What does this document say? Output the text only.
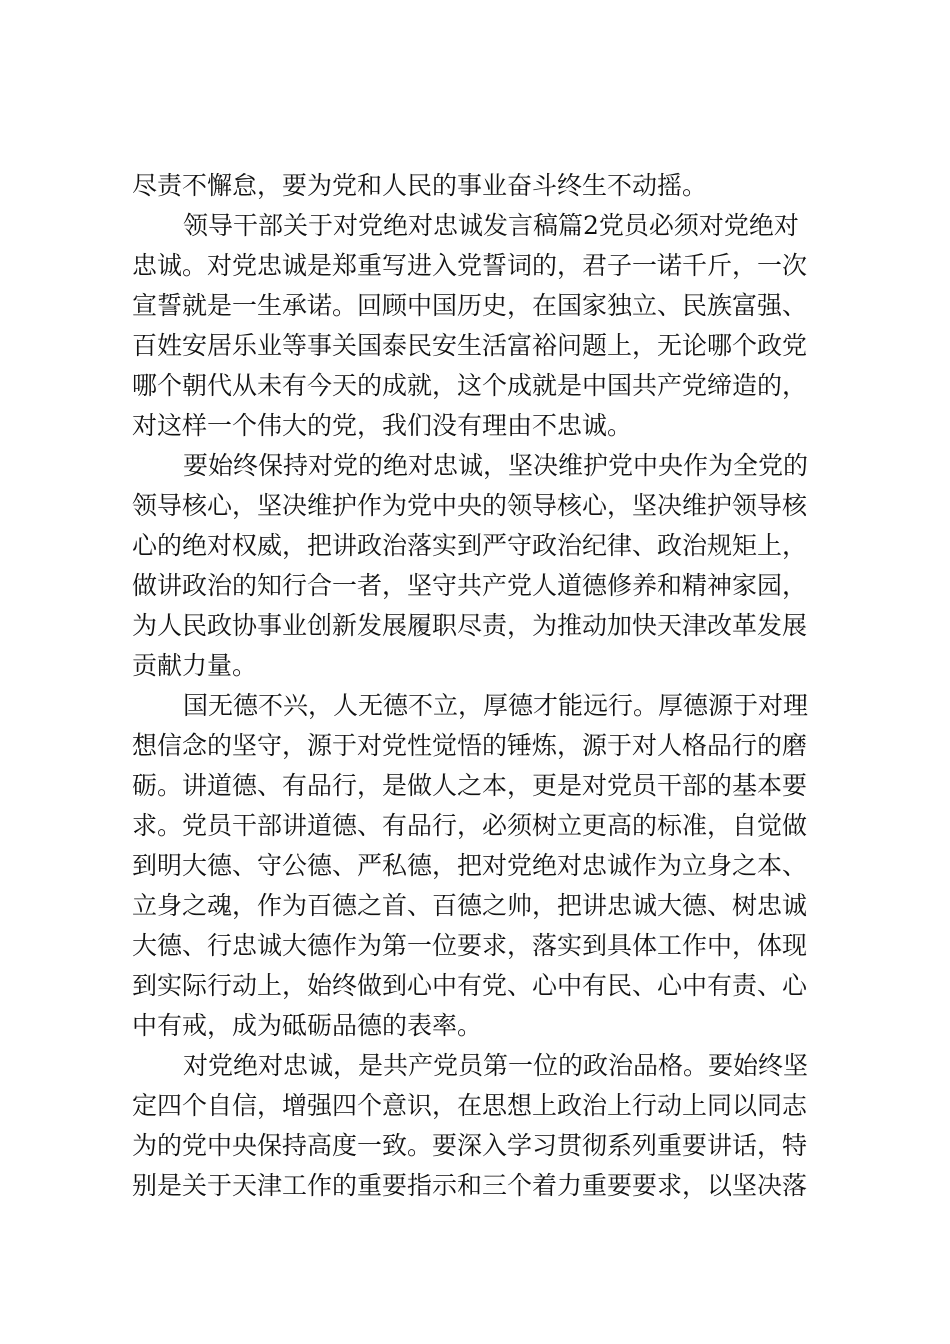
尽责不懈怠，要为党和人民的事业奋斗终生不动摇。
领导干部关于对党绝对忠诚发言稿篇2党员必须对党绝对
忠诚。对党忠诚是郑重写进入党誓词的，君子一诺千斤，一次
宣誓就是一生承诺。回顾中国历史，在国家独立、民族富强、
百姓安居乐业等事关国泰民安生活富裕问题上，无论哪个政党
哪个朝代从未有今天的成就，这个成就是中国共产党缔造的，
对这样一个伟大的党，我们没有理由不忠诚。
要始终保持对党的绝对忠诚，坚决维护党中央作为全党的
领导核心，坚决维护作为党中央的领导核心，坚决维护领导核
心的绝对权威，把讲政治落实到严守政治纪律、政治规矩上，
做讲政治的知行合一者，坚守共产党人道德修养和精神家园，
为人民政协事业创新发展履职尽责，为推动加快天津改革发展
贡献力量。
国无德不兴，人无德不立，厚德才能远行。厚德源于对理
想信念的坚守，源于对党性觉悟的锤炼，源于对人格品行的磨
砺。讲道德、有品行，是做人之本，更是对党员干部的基本要
求。党员干部讲道德、有品行，必须树立更高的标准，自觉做
到明大德、守公德、严私德，把对党绝对忠诚作为立身之本、
立身之魂，作为百德之首、百德之帅，把讲忠诚大德、树忠诚
大德、行忠诚大德作为第一位要求，落实到具体工作中，体现
到实际行动上，始终做到心中有党、心中有民、心中有责、心
中有戒，成为砥砺品德的表率。
对党绝对忠诚，是共产党员第一位的政治品格。要始终坚
定四个自信，增强四个意识，在思想上政治上行动上同以同志
为的党中央保持高度一致。要深入学习贯彻系列重要讲话，特
别是关于天津工作的重要指示和三个着力重要要求，以坚决落
